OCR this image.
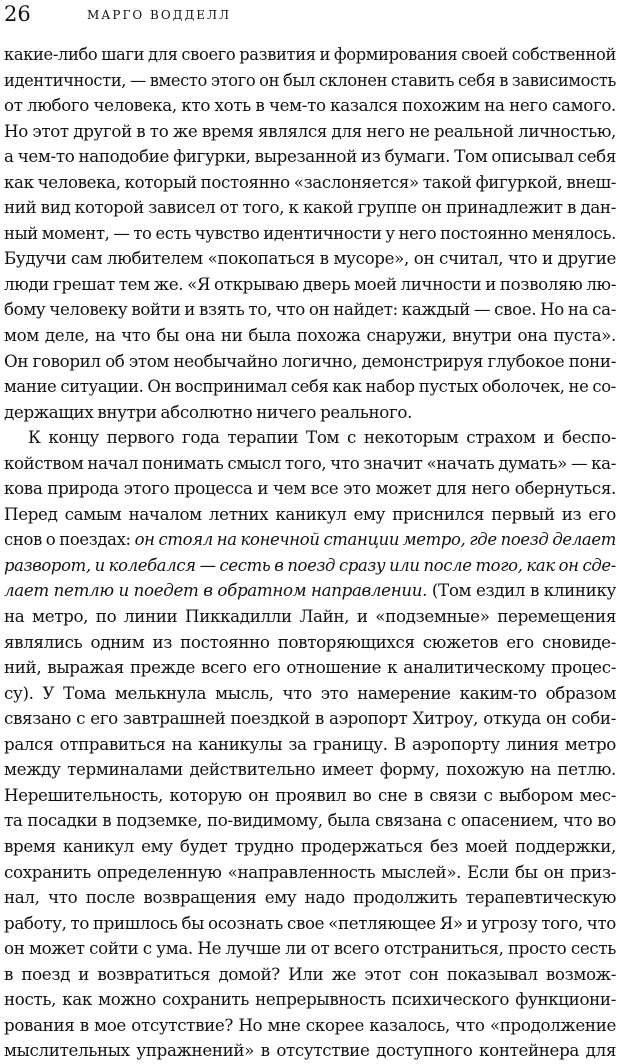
26	МАРГО ВОДДЕЛЛ
какие-либо шаги для своего развития и формирования своей собственной
идентичности, — вместо этого он был склонен ставить себя в зависимость
от любого человека, кто хоть в чем-то казался похожим на него самого.
Но этот другой в то же время являлся для него не реальной личностью,
а чем-то наподобие фигурки, вырезанной из бумаги. Том описывал себя
как человека, который постоянно «заслоняется» такой фигуркой, внеш-
ний вид которой зависел от того, к какой группе он принадлежит в дан-
ный момент, — то есть чувство идентичности у него постоянно менялось.
Будучи сам любителем «покопаться в мусоре», он считал, что и другие
люди грешат тем же. «Я открываю дверь моей личности и позволяю лю-
бому человеку войти и взять то, что он найдет: каждый — свое. Но на са-
мом деле, на что бы она ни была похожа снаружи, внутри она пуста».
Он говорил об этом необычайно логично, демонстрируя глубокое пони-
мание ситуации. Он воспринимал себя как набор пустых оболочек, не со-
держащих внутри абсолютно ничего реального.
К концу первого года терапии Том с некоторым страхом и беспо-
койством начал понимать смысл того, что значит «начать думать» — ка-
кова природа этого процесса и чем все это может для него обернуться.
Перед самым началом летних каникул ему приснился первый из его
снов о поездах: он стоял на конечной станции метро, где поезд делает
разворот, и колебался — сесть в поезд сразу или после того, как он сде-
лает петлю и поедет в обратном направлении. (Том ездил в клинику
на метро, по линии Пиккадилли Лайн, и «подземные» перемещения
являлись одним из постоянно повторяющихся сюжетов его сновиде-
ний, выражая прежде всего его отношение к аналитическому процес-
су). У Тома мелькнула мысль, что это намерение каким-то образом
связано с его завтрашней поездкой в аэропорт Хитроу, откуда он соби-
рался отправиться на каникулы за границу. В аэропорту линия метро
между терминалами действительно имеет форму, похожую на петлю.
Нерешительность, которую он проявил во сне в связи с выбором мес-
та посадки в подземке, по-видимому, была связана с опасением, что во
время каникул ему будет трудно продержаться без моей поддержки,
сохранить определенную «направленность мыслей». Если бы он приз-
нал, что после возвращения ему надо продолжить терапевтическую
работу, то пришлось бы осознать свое «петляющее Я» и угрозу того, что
он может сойти с ума. Не лучше ли от всего отстраниться, просто сесть
в поезд и возвратиться домой? Или же этот сон показывал возмож-
ность, как можно сохранить непрерывность психического функциони-
рования в мое отсутствие? Но мне скорее казалось, что «продолжение
мыслительных упражнений» в отсутствие доступного контейнера для
